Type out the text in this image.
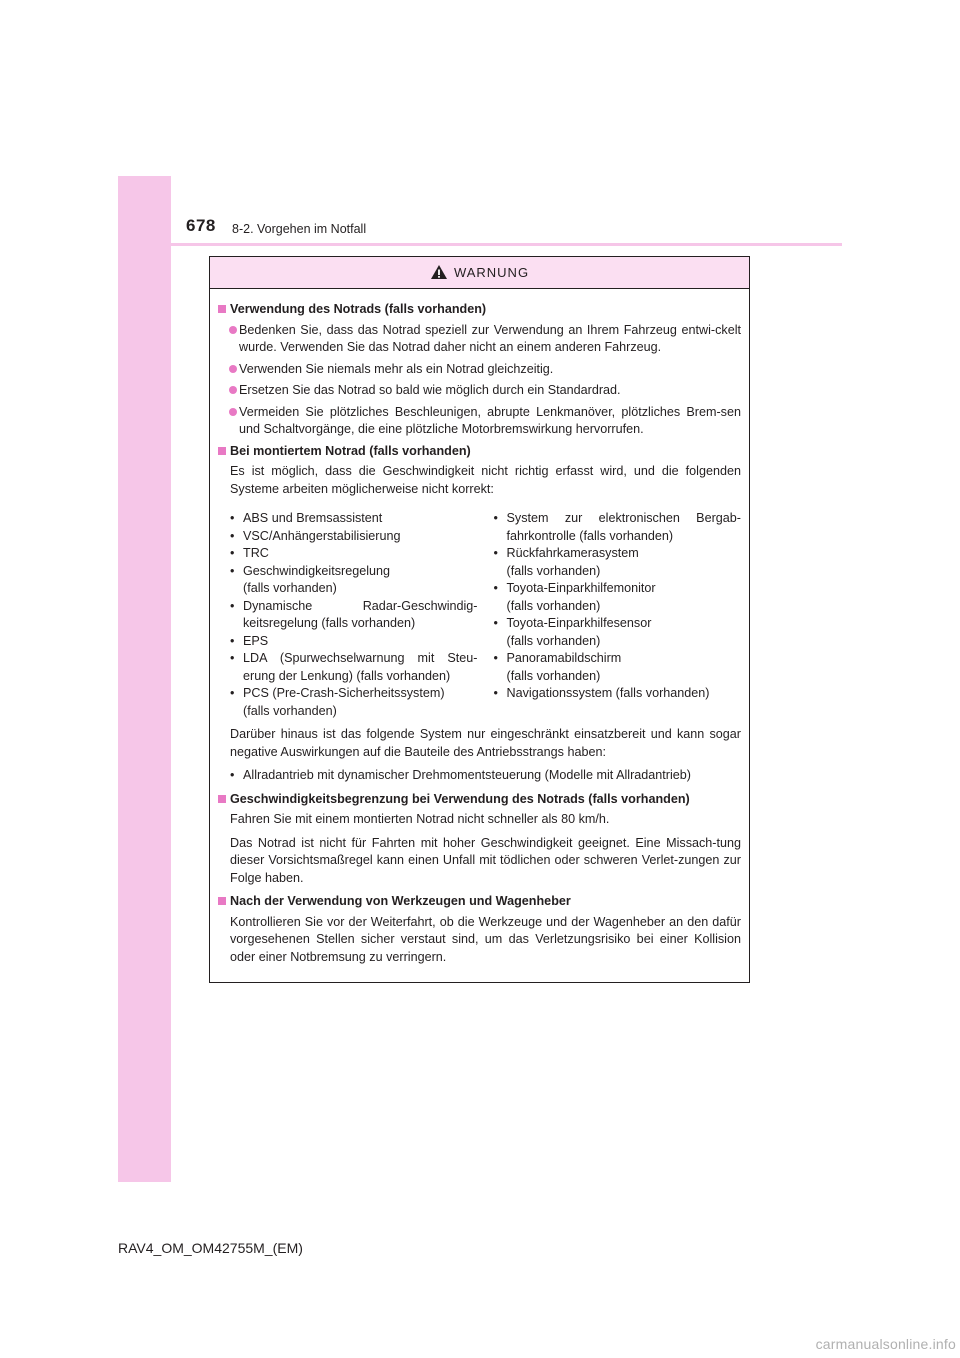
678 8-2. Vorgehen im Notfall
WARNUNG
Verwendung des Notrads (falls vorhanden)
Bedenken Sie, dass das Notrad speziell zur Verwendung an Ihrem Fahrzeug entwi-ckelt wurde. Verwenden Sie das Notrad daher nicht an einem anderen Fahrzeug.
Verwenden Sie niemals mehr als ein Notrad gleichzeitig.
Ersetzen Sie das Notrad so bald wie möglich durch ein Standardrad.
Vermeiden Sie plötzliches Beschleunigen, abrupte Lenkmanöver, plötzliches Brem-sen und Schaltvorgänge, die eine plötzliche Motorbremswirkung hervorrufen.
Bei montiertem Notrad (falls vorhanden)
Es ist möglich, dass die Geschwindigkeit nicht richtig erfasst wird, und die folgenden Systeme arbeiten möglicherweise nicht korrekt:
• ABS und Bremsassistent
• VSC/Anhängerstabilisierung
• TRC
• Geschwindigkeitsregelung
(falls vorhanden)
• Dynamische Radar-Geschwindig-keitsregelung (falls vorhanden)
• EPS
• LDA (Spurwechselwarnung mit Steu-erung der Lenkung) (falls vorhanden)
• PCS (Pre-Crash-Sicherheitssystem)
(falls vorhanden)
• System zur elektronischen Bergab-fahrkontrolle (falls vorhanden)
• Rückfahrkamerasystem
(falls vorhanden)
• Toyota-Einparkhilfemonitor
(falls vorhanden)
• Toyota-Einparkhilfesensor
(falls vorhanden)
• Panoramabildschirm
(falls vorhanden)
• Navigationssystem (falls vorhanden)
Darüber hinaus ist das folgende System nur eingeschränkt einsatzbereit und kann sogar negative Auswirkungen auf die Bauteile des Antriebsstrangs haben:
• Allradantrieb mit dynamischer Drehmomentsteuerung (Modelle mit Allradantrieb)
Geschwindigkeitsbegrenzung bei Verwendung des Notrads (falls vorhanden)
Fahren Sie mit einem montierten Notrad nicht schneller als 80 km/h.
Das Notrad ist nicht für Fahrten mit hoher Geschwindigkeit geeignet. Eine Missach-tung dieser Vorsichtsmaßregel kann einen Unfall mit tödlichen oder schweren Verlet-zungen zur Folge haben.
Nach der Verwendung von Werkzeugen und Wagenheber
Kontrollieren Sie vor der Weiterfahrt, ob die Werkzeuge und der Wagenheber an den dafür vorgesehenen Stellen sicher verstaut sind, um das Verletzungsrisiko bei einer Kollision oder einer Notbremsung zu verringern.
RAV4_OM_OM42755M_(EM)
carmanualsonline.info
